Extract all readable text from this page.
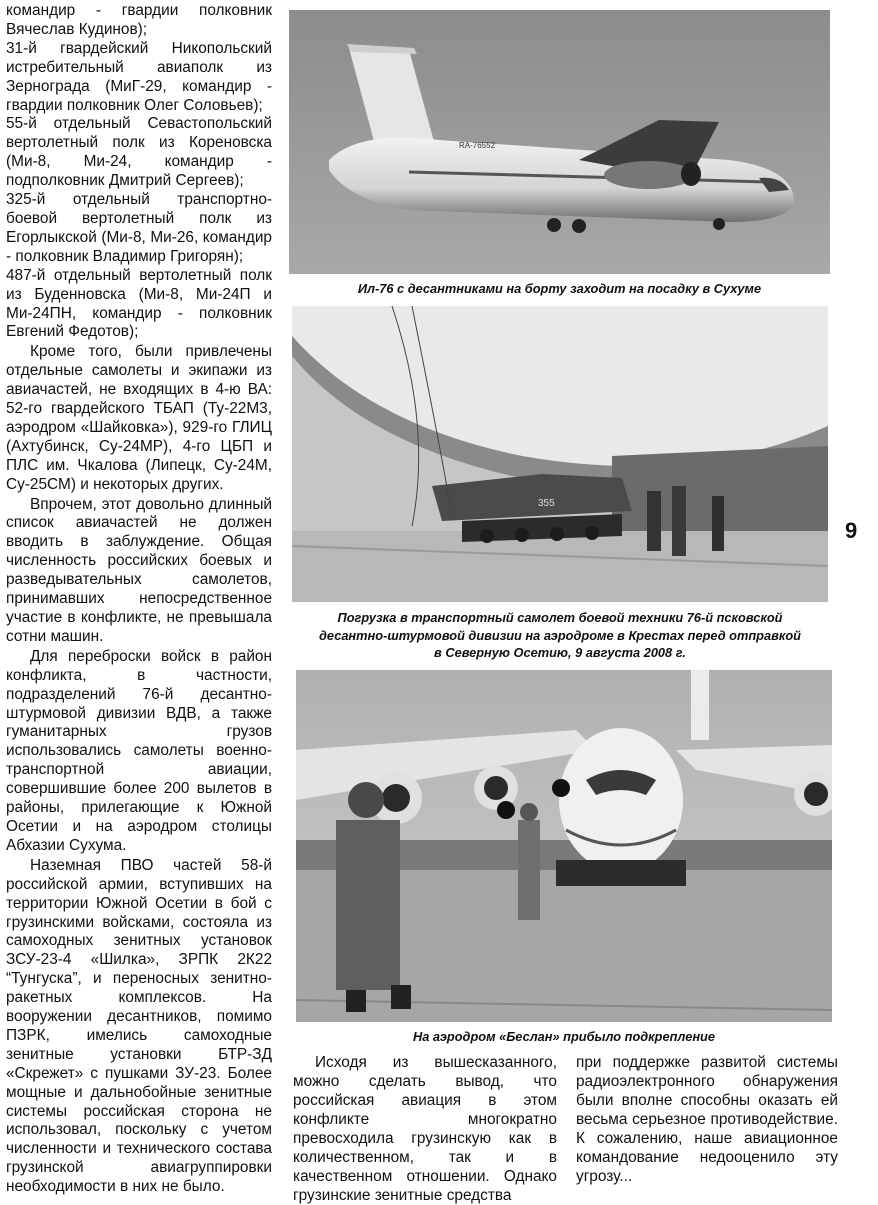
командир - гвардии полковник Вячеслав Кудинов);

31-й гвардейский Никопольский истребительный авиаполк из Зернограда (МиГ-29, командир - гвардии полковник Олег Соловьев);

55-й отдельный Севастопольский вертолетный полк из Кореновска (Ми-8, Ми-24, командир - подполковник Дмитрий Сергеев);

325-й отдельный транспортно-боевой вертолетный полк из Егорлыкской (Ми-8, Ми-26, командир - полковник Владимир Григорян);

487-й отдельный вертолетный полк из Буденновска (Ми-8, Ми-24П и Ми-24ПН, командир - полковник Евгений Федотов);

Кроме того, были привлечены отдельные самолеты и экипажи из авиачастей, не входящих в 4-ю ВА: 52-го гвардейского ТБАП (Ту-22М3, аэродром «Шайковка»), 929-го ГЛИЦ (Ахтубинск, Су-24МР), 4-го ЦБП и ПЛС им. Чкалова (Липецк, Су-24М, Су-25СМ) и некоторых других.

Впрочем, этот довольно длинный список авиачастей не должен вводить в заблуждение. Общая численность российских боевых и разведывательных самолетов, принимавших непосредственное участие в конфликте, не превышала сотни машин.

Для переброски войск в район конфликта, в частности, подразделений 76-й десантно-штурмовой дивизии ВДВ, а также гуманитарных грузов использовались самолеты военно-транспортной авиации, совершившие более 200 вылетов в районы, прилегающие к Южной Осетии и на аэродром столицы Абхазии Сухума.

Наземная ПВО частей 58-й российской армии, вступивших на территории Южной Осетии в бой с грузинскими войсками, состояла из самоходных зенитных установок ЗСУ-23-4 «Шилка», ЗРПК 2К22 “Тунгуска”, и переносных зенитно-ракетных комплексов. На вооружении десантников, помимо ПЗРК, имелись самоходные зенитные установки БТР-ЗД «Скрежет» с пушками ЗУ-23. Более мощные и дальнобойные зенитные системы российская сторона не использовал, поскольку с учетом численности и технического состава грузинской авиагруппировки необходимости в них не было.

RA-76552
Ил-76 с десантниками на борту заходит на посадку в Сухуме
355
Погрузка в транспортный самолет боевой техники 76-й псковской
десантно-штурмовой дивизии на аэродроме в Крестах перед отправкой
в Северную Осетию, 9 августа 2008 г.
На аэродром «Беслан» прибыло подкрепление
9

Исходя из вышесказанного, можно сделать вывод, что российская авиация в этом конфликте многократно превосходила грузинскую как в количественном, так и в качественном отношении. Однако грузинские зенитные средства

при поддержке развитой системы радиоэлектронного обнаружения были вполне способны оказать ей весьма серьезное противодействие. К сожалению, наше авиационное командование недооценило эту угрозу...
